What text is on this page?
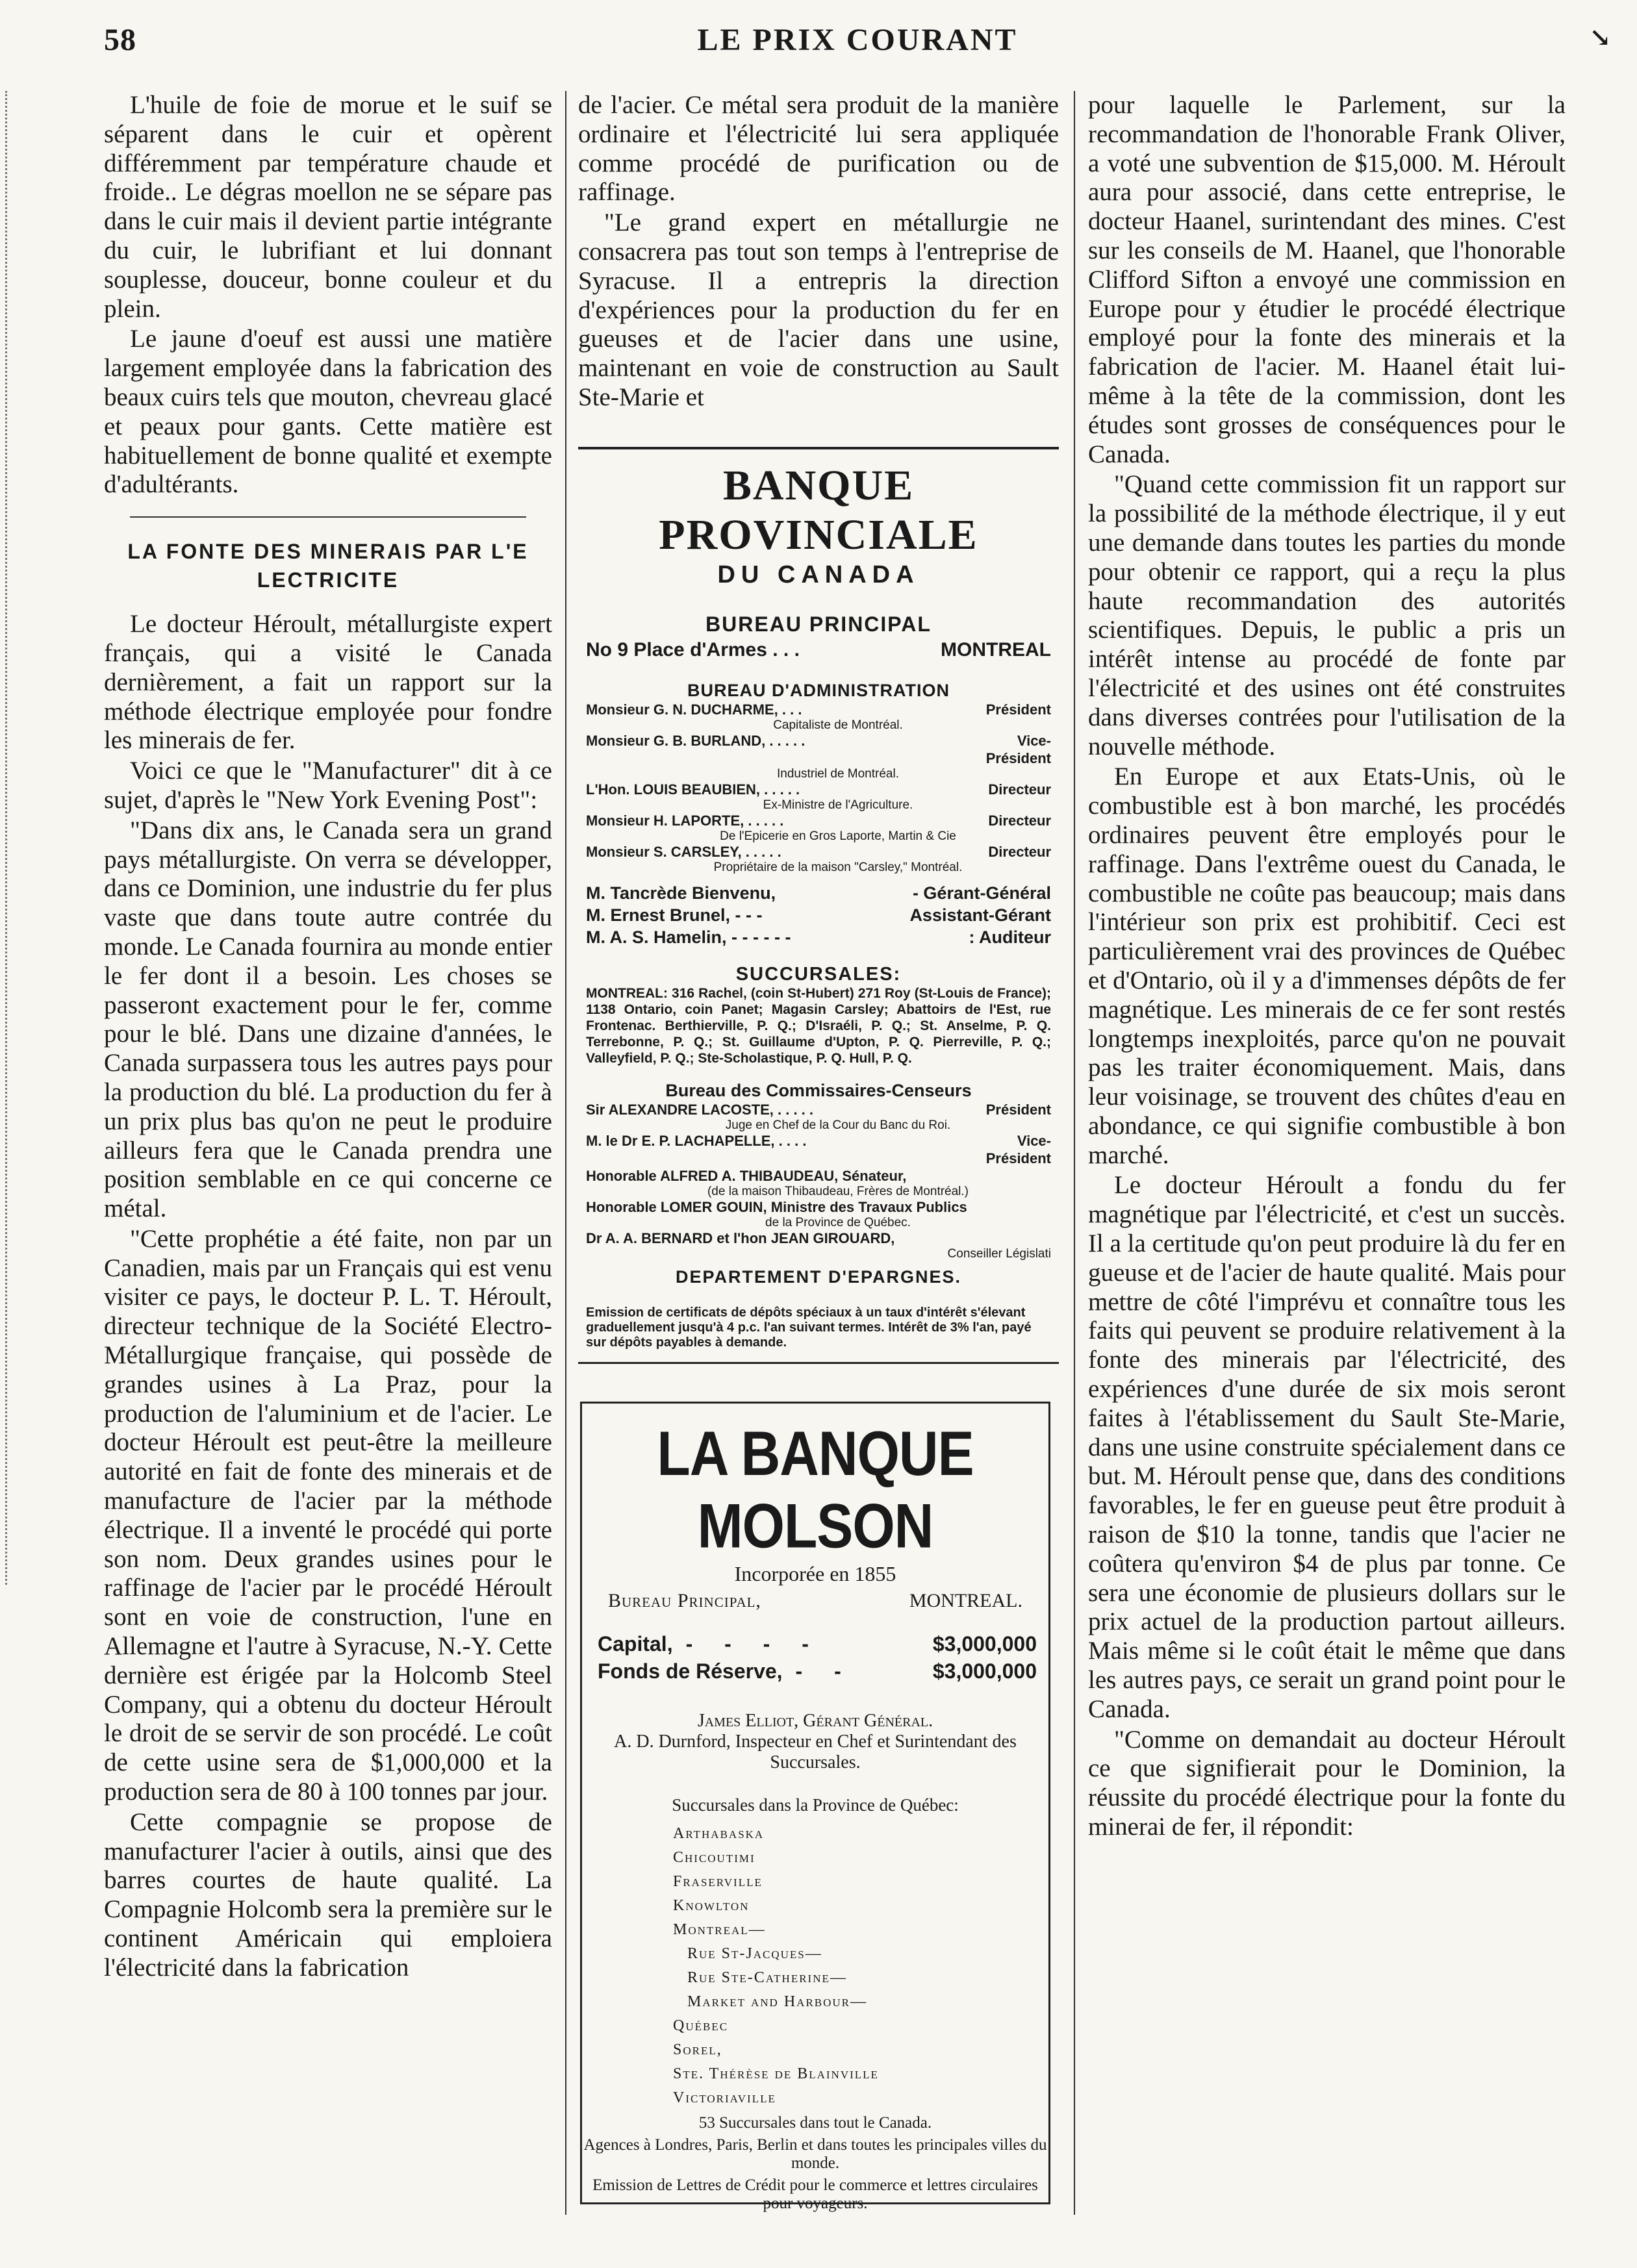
58	LE PRIX COURANT	↘

L'huile de foie de morue et le suif se séparent dans le cuir et opèrent différemment par température chaude et froide.. Le dégras moellon ne se sépare pas dans le cuir mais il devient partie intégrante du cuir, le lubrifiant et lui donnant souplesse, douceur, bonne couleur et du plein.

Le jaune d'oeuf est aussi une matière largement employée dans la fabrication des beaux cuirs tels que mouton, chevreau glacé et peaux pour gants. Cette matière est habituellement de bonne qualité et exempte d'adultérants.

LA FONTE DES MINERAIS PAR L'E LECTRICITE

Le docteur Héroult, métallurgiste expert français, qui a visité le Canada dernièrement, a fait un rapport sur la méthode électrique employée pour fondre les minerais de fer.

Voici ce que le "Manufacturer" dit à ce sujet, d'après le "New York Evening Post":

"Dans dix ans, le Canada sera un grand pays métallurgiste. On verra se développer, dans ce Dominion, une industrie du fer plus vaste que dans toute autre contrée du monde. Le Canada fournira au monde entier le fer dont il a besoin. Les choses se passeront exactement pour le fer, comme pour le blé. Dans une dizaine d'années, le Canada surpassera tous les autres pays pour la production du blé. La production du fer à un prix plus bas qu'on ne peut le produire ailleurs fera que le Canada prendra une position semblable en ce qui concerne ce métal.

"Cette prophétie a été faite, non par un Canadien, mais par un Français qui est venu visiter ce pays, le docteur P. L. T. Héroult, directeur technique de la Société Electro-Métallurgique française, qui possède de grandes usines à La Praz, pour la production de l'aluminium et de l'acier. Le docteur Héroult est peut-être la meilleure autorité en fait de fonte des minerais et de manufacture de l'acier par la méthode électrique. Il a inventé le procédé qui porte son nom. Deux grandes usines pour le raffinage de l'acier par le procédé Héroult sont en voie de construction, l'une en Allemagne et l'autre à Syracuse, N.-Y. Cette dernière est érigée par la Holcomb Steel Company, qui a obtenu du docteur Héroult le droit de se servir de son procédé. Le coût de cette usine sera de $1,000,000 et la production sera de 80 à 100 tonnes par jour.

Cette compagnie se propose de manufacturer l'acier à outils, ainsi que des barres courtes de haute qualité. La Compagnie Holcomb sera la première sur le continent Américain qui emploiera l'électricité dans la fabrication

de l'acier. Ce métal sera produit de la manière ordinaire et l'électricité lui sera appliquée comme procédé de purification ou de raffinage.

"Le grand expert en métallurgie ne consacrera pas tout son temps à l'entreprise de Syracuse. Il a entrepris la direction d'expériences pour la production du fer en gueuses et de l'acier dans une usine, maintenant en voie de construction au Sault Ste-Marie et

BANQUE PROVINCIALE
DU CANADA
BUREAU PRINCIPAL
No 9 Place d'Armes . . .	MONTREAL
BUREAU D'ADMINISTRATION
Monsieur G. N. DUCHARME, . . .	Président
Capitaliste de Montréal.
Monsieur G. B. BURLAND, . . . . .	Vice-Président
Industriel de Montréal.
L'Hon. LOUIS BEAUBIEN, . . . . .	Directeur
Ex-Ministre de l'Agriculture.
Monsieur H. LAPORTE, . . . . .	Directeur
De l'Epicerie en Gros Laporte, Martin & Cie
Monsieur S. CARSLEY, . . . . .	Directeur
Propriétaire de la maison "Carsley," Montréal.
M. Tancrède Bienvenu,	- Gérant-Général
M. Ernest Brunel, - - -	Assistant-Gérant
M. A. S. Hamelin, - - - - - -	: Auditeur
SUCCURSALES:
MONTREAL: 316 Rachel, (coin St-Hubert) 271 Roy (St-Louis de France); 1138 Ontario, coin Panet; Magasin Carsley; Abattoirs de l'Est, rue Frontenac. Berthierville, P. Q.; D'Israéli, P. Q.; St. Anselme, P. Q. Terrebonne, P. Q.; St. Guillaume d'Upton, P. Q. Pierreville, P. Q.; Valleyfield, P. Q.; Ste-Scholastique, P. Q. Hull, P. Q.
Bureau des Commissaires-Censeurs
Sir ALEXANDRE LACOSTE, . . . . .	Président
Juge en Chef de la Cour du Banc du Roi.
M. le Dr E. P. LACHAPELLE, . . . .	Vice-Président
Honorable ALFRED A. THIBAUDEAU, Sénateur,
(de la maison Thibaudeau, Frères de Montréal.)
Honorable LOMER GOUIN, Ministre des Travaux Publics
de la Province de Québec.
Dr A. A. BERNARD et l'hon JEAN GIROUARD,
Conseiller Législati
DEPARTEMENT D'EPARGNES.
Emission de certificats de dépôts spéciaux à un taux d'intérêt s'élevant graduellement jusqu'à 4 p.c. l'an suivant termes. Intérêt de 3% l'an, payé sur dépôts payables à demande.
LA BANQUE MOLSON
Incorporée en 1855
Bureau Principal,	MONTREAL.
Capital, - - - -	$3,000,000
Fonds de Réserve, - -	$3,000,000
James Elliot, Gérant Général.
A. D. Durnford, Inspecteur en Chef et Surintendant des Succursales.
Succursales dans la Province de Québec:
Arthabaska
Chicoutimi
Fraserville
Knowlton
Montreal—
Rue St-Jacques—
Rue Ste-Catherine—
Market and Harbour—
Québec
Sorel,
Ste. Thérèse de Blainville
Victoriaville
53 Succursales dans tout le Canada.
Agences à Londres, Paris, Berlin et dans toutes les principales villes du monde.
Emission de Lettres de Crédit pour le commerce et lettres circulaires pour voyageurs.

pour laquelle le Parlement, sur la recommandation de l'honorable Frank Oliver, a voté une subvention de $15,000. M. Héroult aura pour associé, dans cette entreprise, le docteur Haanel, surintendant des mines. C'est sur les conseils de M. Haanel, que l'honorable Clifford Sifton a envoyé une commission en Europe pour y étudier le procédé électrique employé pour la fonte des minerais et la fabrication de l'acier. M. Haanel était lui-même à la tête de la commission, dont les études sont grosses de conséquences pour le Canada.

"Quand cette commission fit un rapport sur la possibilité de la méthode électrique, il y eut une demande dans toutes les parties du monde pour obtenir ce rapport, qui a reçu la plus haute recommandation des autorités scientifiques. Depuis, le public a pris un intérêt intense au procédé de fonte par l'électricité et des usines ont été construites dans diverses contrées pour l'utilisation de la nouvelle méthode.

En Europe et aux Etats-Unis, où le combustible est à bon marché, les procédés ordinaires peuvent être employés pour le raffinage. Dans l'extrême ouest du Canada, le combustible ne coûte pas beaucoup; mais dans l'intérieur son prix est prohibitif. Ceci est particulièrement vrai des provinces de Québec et d'Ontario, où il y a d'immenses dépôts de fer magnétique. Les minerais de ce fer sont restés longtemps inexploités, parce qu'on ne pouvait pas les traiter économiquement. Mais, dans leur voisinage, se trouvent des chûtes d'eau en abondance, ce qui signifie combustible à bon marché.

Le docteur Héroult a fondu du fer magnétique par l'électricité, et c'est un succès. Il a la certitude qu'on peut produire là du fer en gueuse et de l'acier de haute qualité. Mais pour mettre de côté l'imprévu et connaître tous les faits qui peuvent se produire relativement à la fonte des minerais par l'électricité, des expériences d'une durée de six mois seront faites à l'établissement du Sault Ste-Marie, dans une usine construite spécialement dans ce but. M. Héroult pense que, dans des conditions favorables, le fer en gueuse peut être produit à raison de $10 la tonne, tandis que l'acier ne coûtera qu'environ $4 de plus par tonne. Ce sera une économie de plusieurs dollars sur le prix actuel de la production partout ailleurs. Mais même si le coût était le même que dans les autres pays, ce serait un grand point pour le Canada.

"Comme on demandait au docteur Héroult ce que signifierait pour le Dominion, la réussite du procédé électrique pour la fonte du minerai de fer, il répondit:
